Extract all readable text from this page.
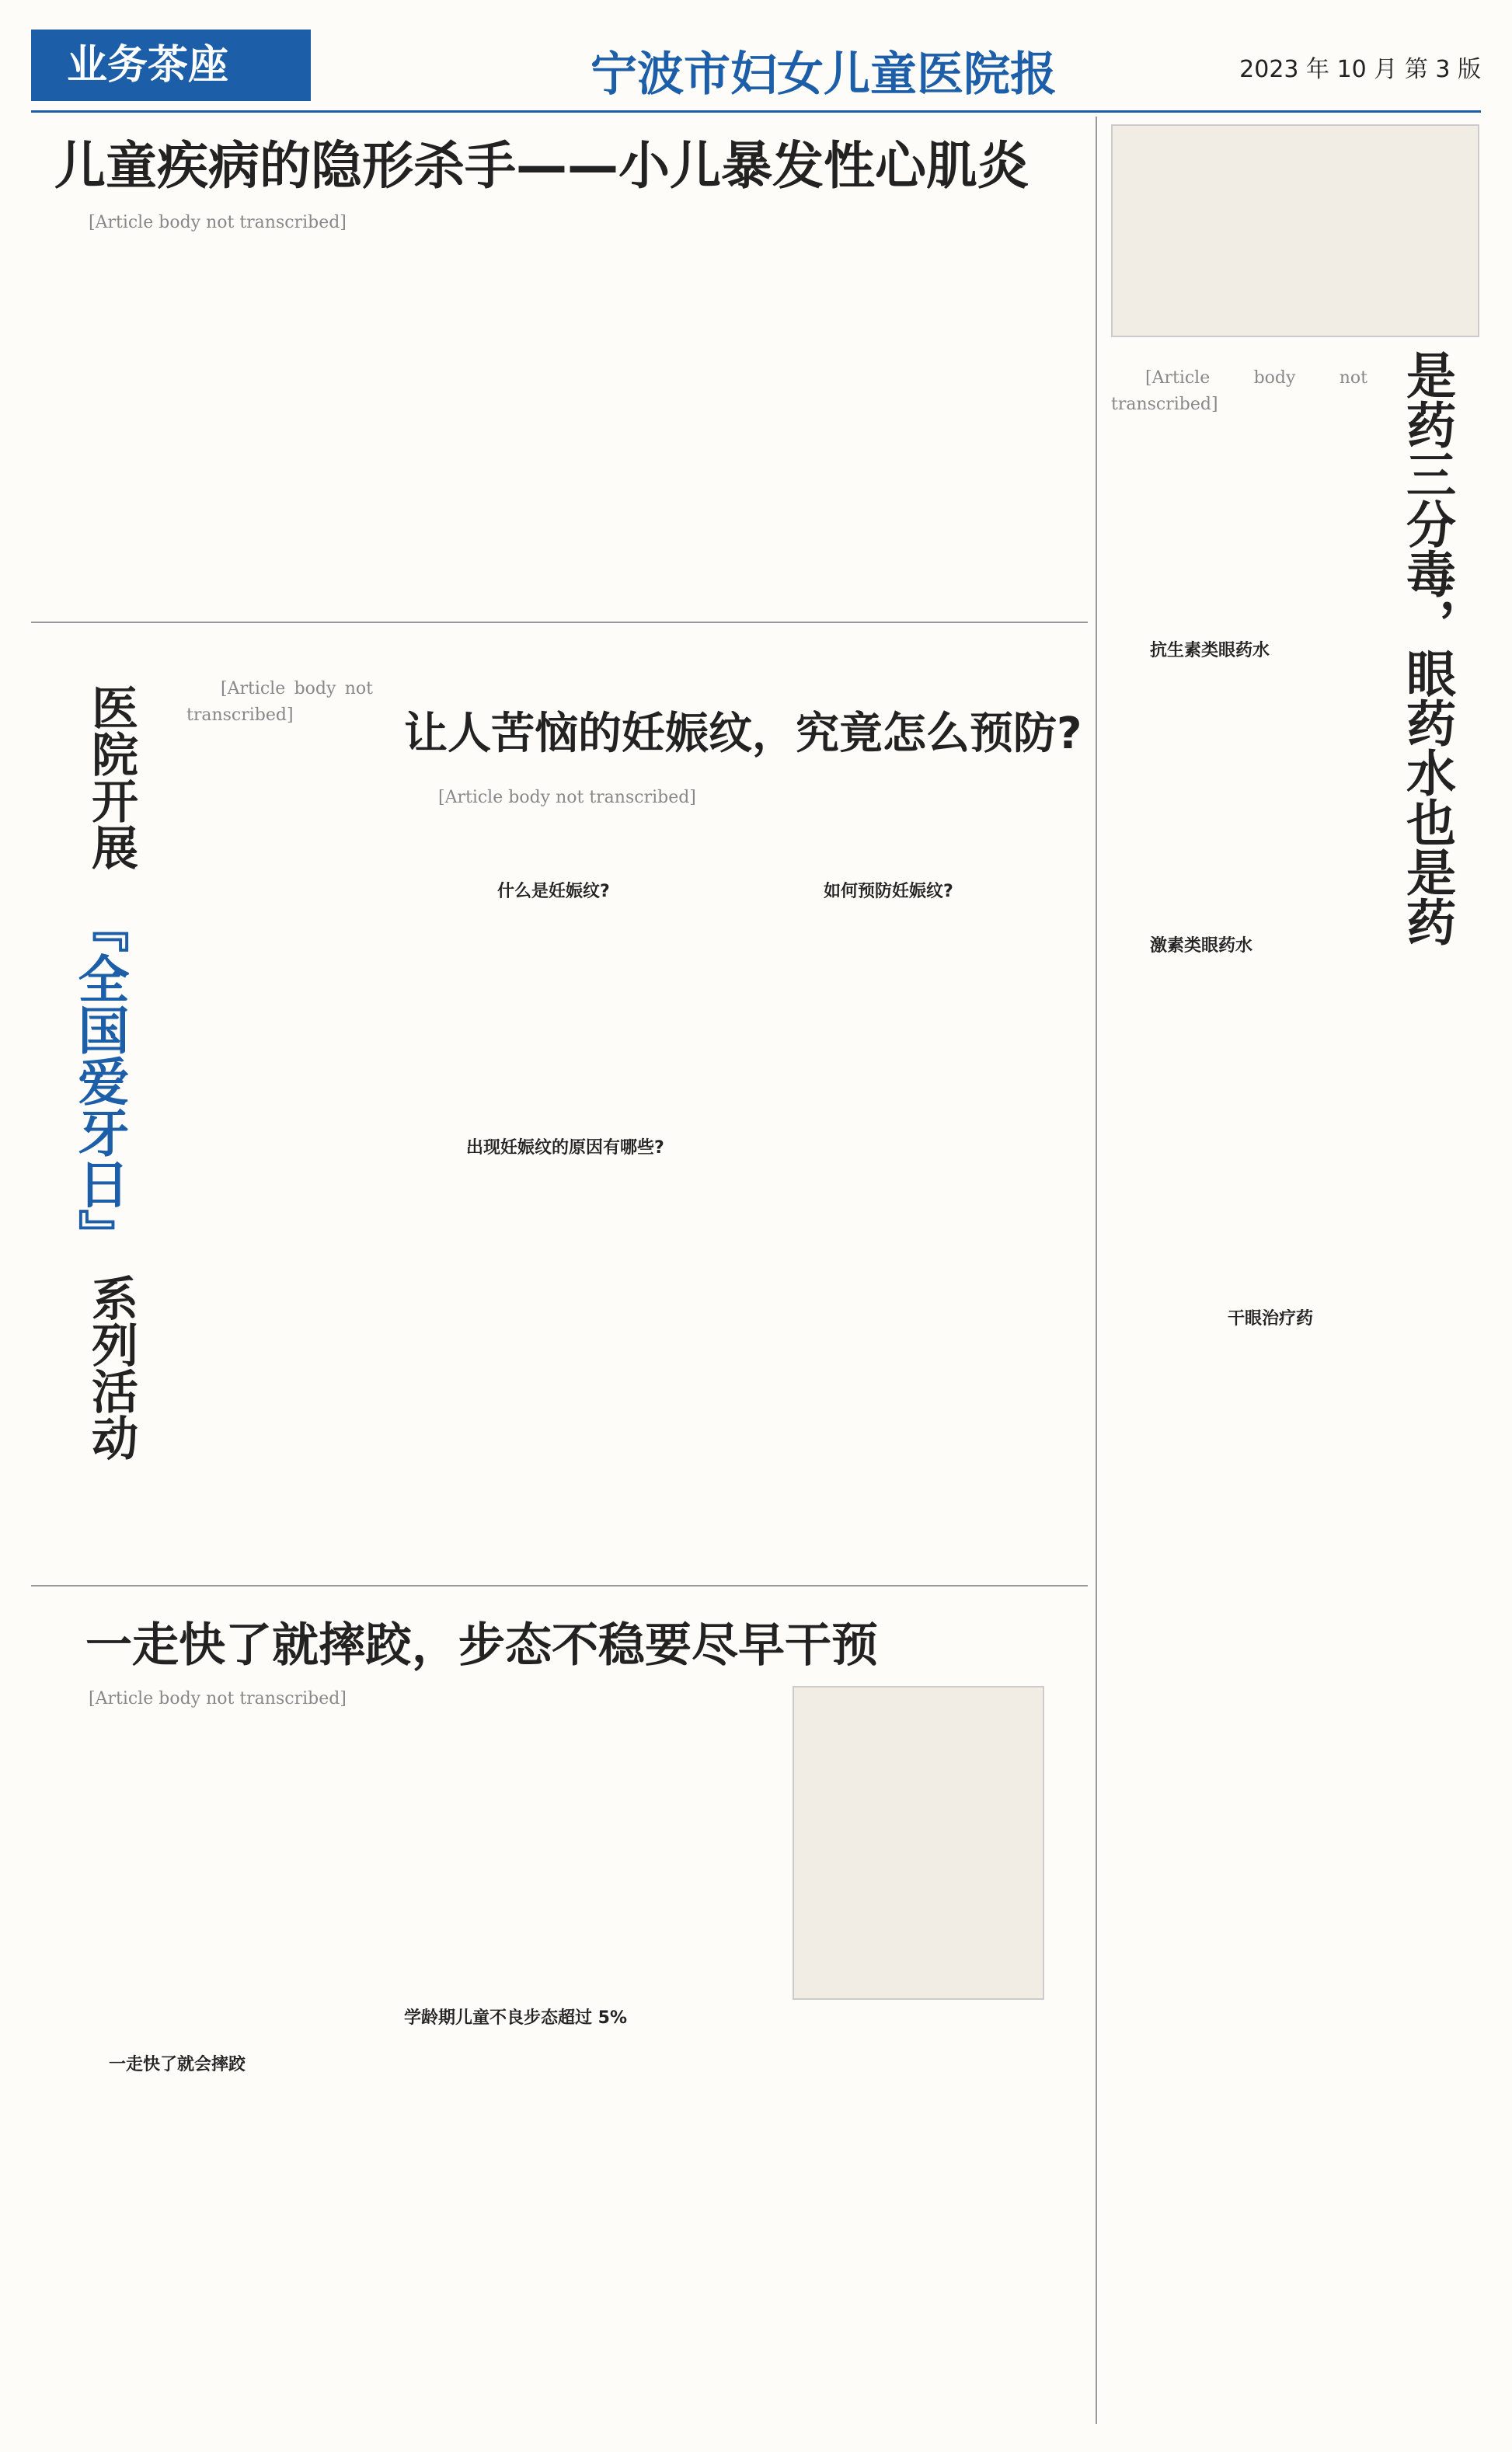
业务茶座	宁波市妇女儿童医院报	2023 年 10 月 第 3 版
儿童疾病的隐形杀手——小儿暴发性心肌炎
[Article body not transcribed]
是药三分毒，眼药水也是药
[Article body not transcribed]
抗生素类眼药水
激素类眼药水
干眼治疗药
医院开展
『全国爱牙日』
系列活动
[Article body not transcribed]	让人苦恼的妊娠纹，究竟怎么预防?
[Article body not transcribed]
什么是妊娠纹?
出现妊娠纹的原因有哪些?
如何预防妊娠纹?
一走快了就摔跤，步态不稳要尽早干预
[Article body not transcribed]
一走快了就会摔跤
学龄期儿童不良步态超过 5%
